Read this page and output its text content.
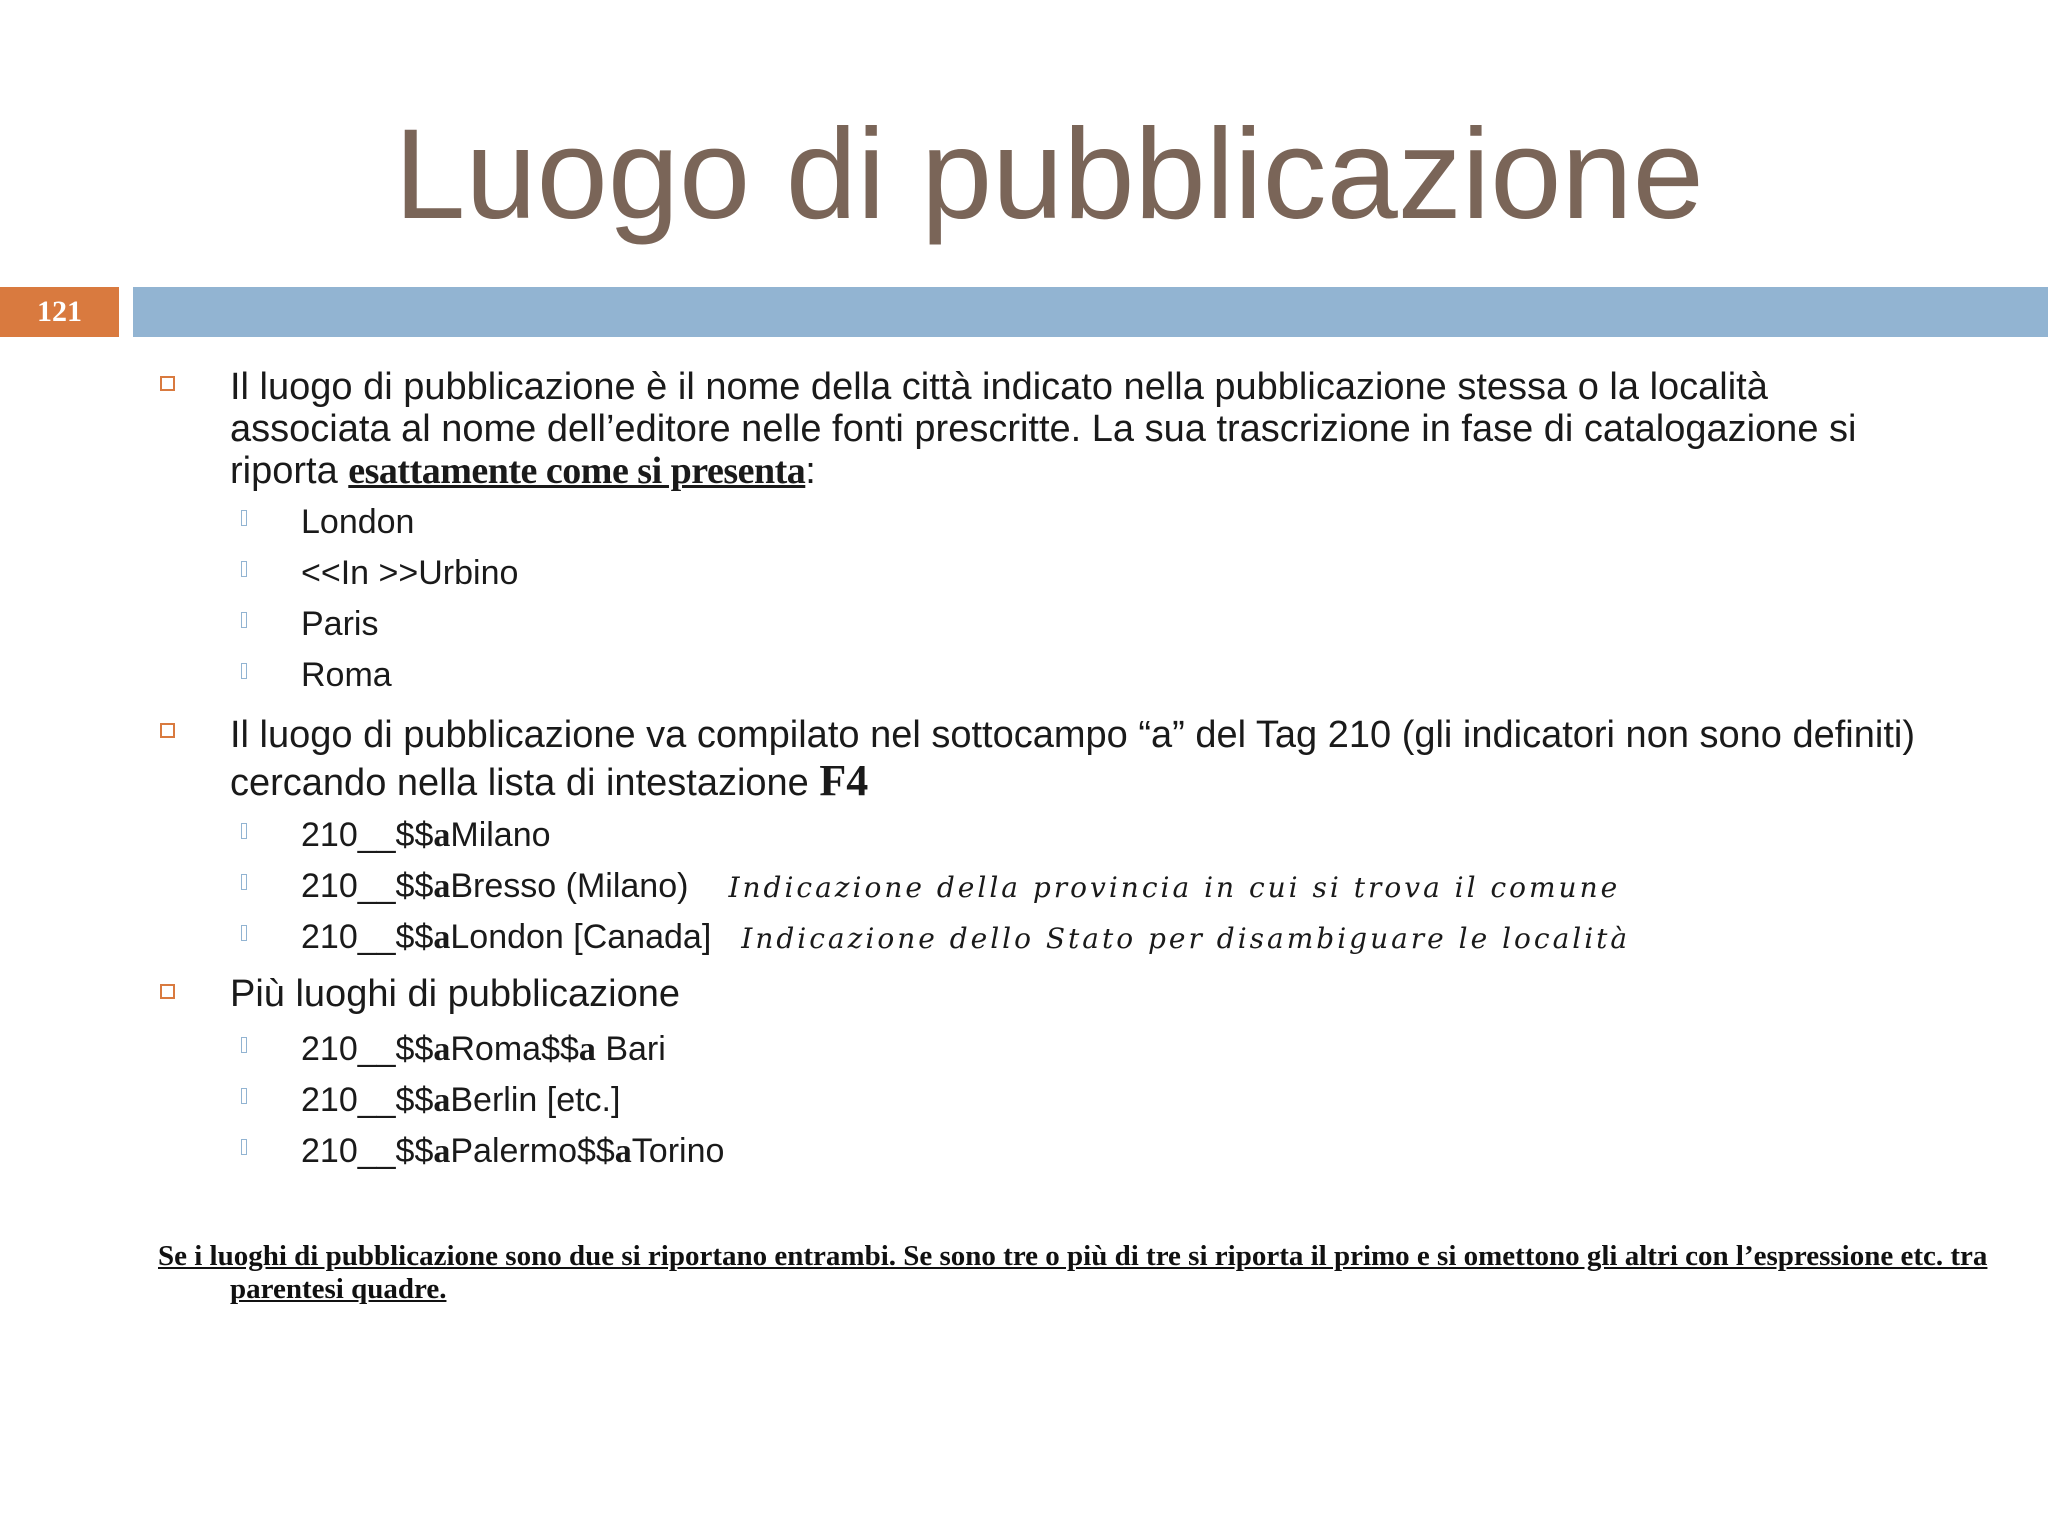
Luogo di pubblicazione
121
Il luogo di pubblicazione è il nome della città indicato nella pubblicazione stessa o la località associata al nome dell’editore nelle fonti prescritte. La sua trascrizione in fase di catalogazione si riporta esattamente come si presenta:
London
<<In >>Urbino
Paris
Roma
Il luogo di pubblicazione va compilato nel sottocampo “a” del Tag 210 (gli indicatori non sono definiti) cercando nella lista di intestazione F4
210__$$aMilano
210__$$aBresso (Milano) Indicazione della provincia in cui si trova il comune
210__$$aLondon [Canada] Indicazione dello Stato per disambiguare le località
Più luoghi di pubblicazione
210__$$aRoma$$a Bari
210__$$aBerlin [etc.]
210__$$aPalermo$$aTorino
Se i luoghi di pubblicazione sono due si riportano entrambi. Se sono tre o più di tre si riporta il primo e si omettono gli altri con l’espressione etc. tra parentesi quadre.
